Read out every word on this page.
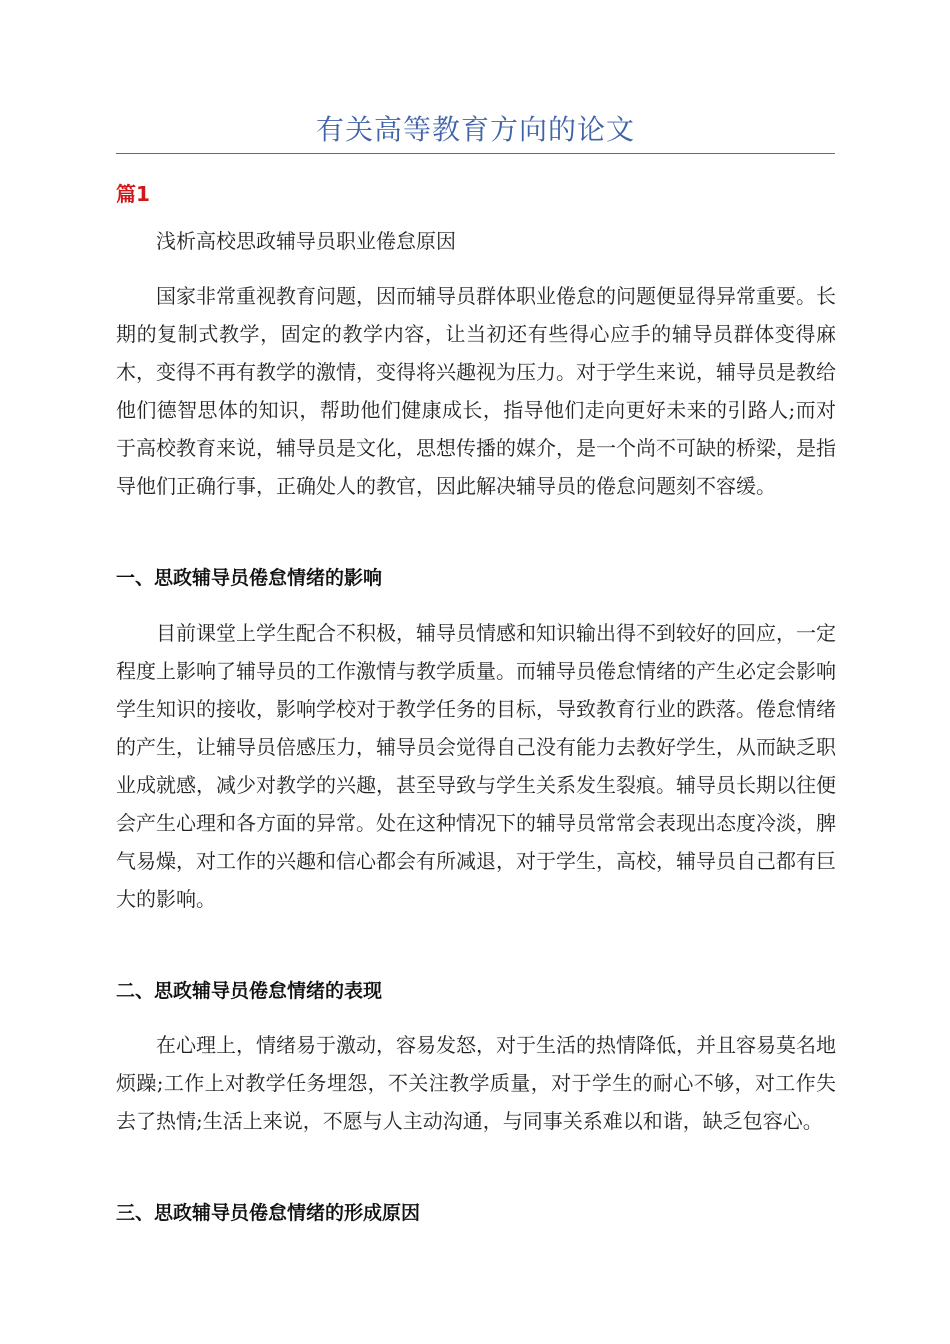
有关高等教育方向的论文
篇1

浅析高校思政辅导员职业倦怠原因

国家非常重视教育问题，因而辅导员群体职业倦怠的问题便显得异常重要。长期的复制式教学，固定的教学内容，让当初还有些得心应手的辅导员群体变得麻木，变得不再有教学的激情，变得将兴趣视为压力。对于学生来说，辅导员是教给他们德智思体的知识，帮助他们健康成长，指导他们走向更好未来的引路人;而对于高校教育来说，辅导员是文化，思想传播的媒介，是一个尚不可缺的桥梁，是指导他们正确行事，正确处人的教官，因此解决辅导员的倦怠问题刻不容缓。

一、思政辅导员倦怠情绪的影响

目前课堂上学生配合不积极，辅导员情感和知识输出得不到较好的回应，一定程度上影响了辅导员的工作激情与教学质量。而辅导员倦怠情绪的产生必定会影响学生知识的接收，影响学校对于教学任务的目标，导致教育行业的跌落。倦怠情绪的产生，让辅导员倍感压力，辅导员会觉得自己没有能力去教好学生，从而缺乏职业成就感，减少对教学的兴趣，甚至导致与学生关系发生裂痕。辅导员长期以往便会产生心理和各方面的异常。处在这种情况下的辅导员常常会表现出态度冷淡，脾气易燥，对工作的兴趣和信心都会有所减退，对于学生，高校，辅导员自己都有巨大的影响。

二、思政辅导员倦怠情绪的表现

在心理上，情绪易于激动，容易发怒，对于生活的热情降低，并且容易莫名地烦躁;工作上对教学任务埋怨，不关注教学质量，对于学生的耐心不够，对工作失去了热情;生活上来说，不愿与人主动沟通，与同事关系难以和谐，缺乏包容心。

三、思政辅导员倦怠情绪的形成原因
